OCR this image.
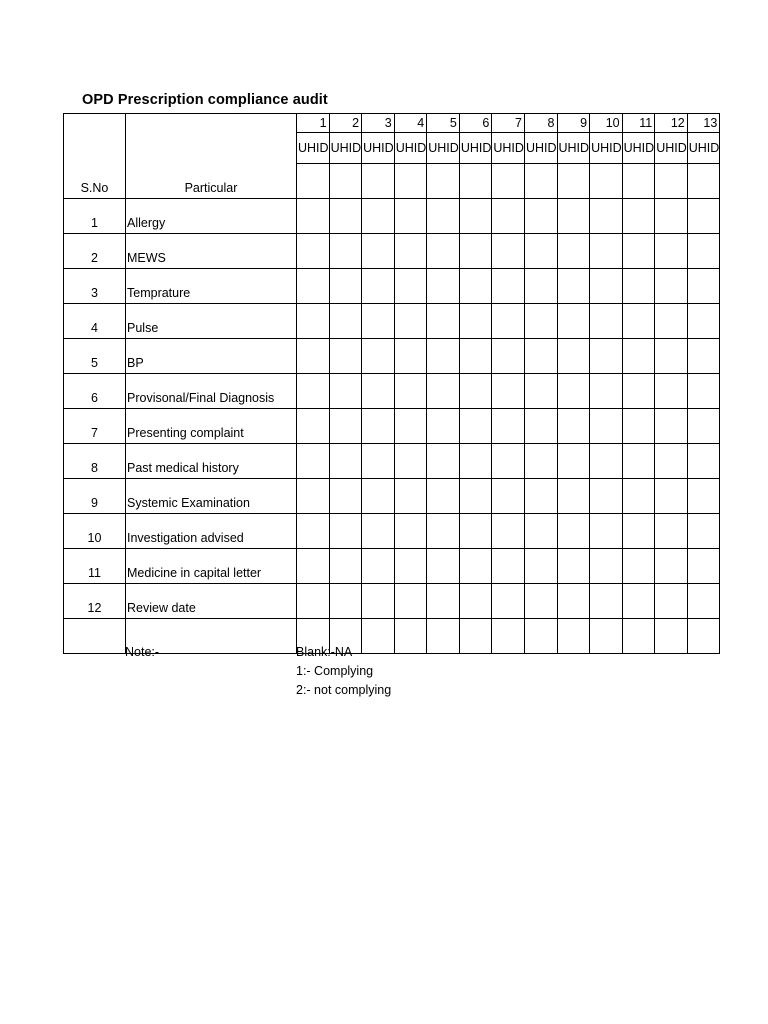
OPD Prescription compliance audit
		1	2	3	4	5	6	7	8	9	10	11	12	13
		UHID	UHID	UHID	UHID	UHID	UHID	UHID	UHID	UHID	UHID	UHID	UHID	UHID
S.No	Particular													
1	Allergy													
2	MEWS													
3	Temprature													
4	Pulse													
5	BP													
6	Provisonal/Final Diagnosis													
7	Presenting complaint													
8	Past medical history													
9	Systemic Examination													
10	Investigation advised													
11	Medicine in capital letter													
12	Review date													

Note:-	Blank:-NA
1:- Complying
2:- not complying
